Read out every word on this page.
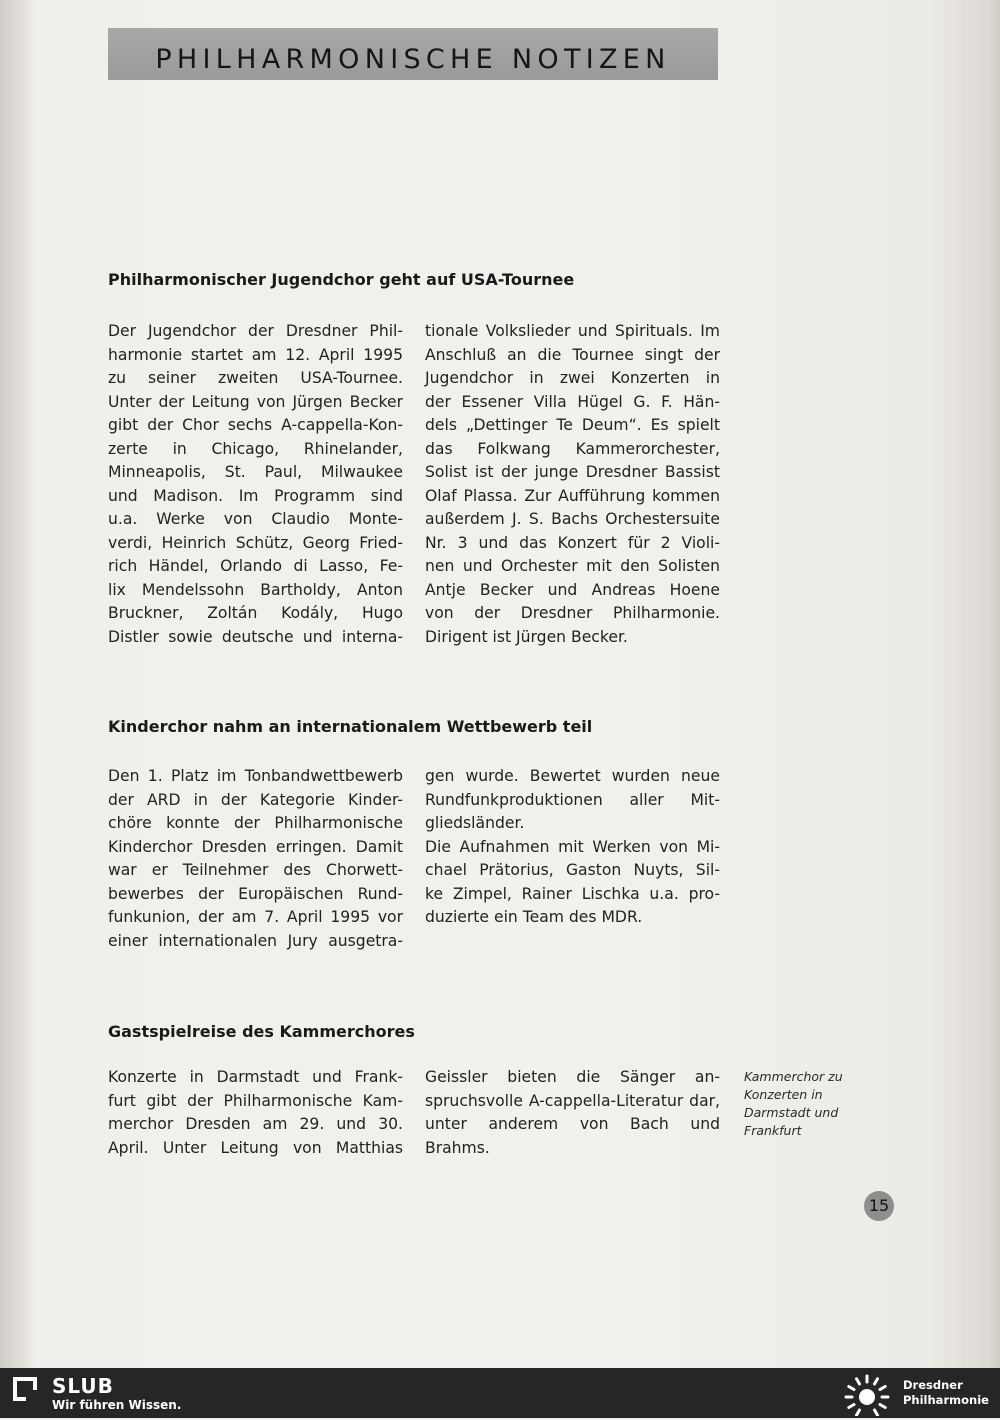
PHILHARMONISCHE NOTIZEN
Philharmonischer Jugendchor geht auf USA-Tournee
Der Jugendchor der Dresdner Phil-
harmonie startet am 12. April 1995
zu seiner zweiten USA-Tournee.
Unter der Leitung von Jürgen Becker
gibt der Chor sechs A-cappella-Kon-
zerte in Chicago, Rhinelander,
Minneapolis, St. Paul, Milwaukee
und Madison. Im Programm sind
u.a. Werke von Claudio Monte-
verdi, Heinrich Schütz, Georg Fried-
rich Händel, Orlando di Lasso, Fe-
lix Mendelssohn Bartholdy, Anton
Bruckner, Zoltán Kodály, Hugo
Distler sowie deutsche und interna-
tionale Volkslieder und Spirituals. Im
Anschluß an die Tournee singt der
Jugendchor in zwei Konzerten in
der Essener Villa Hügel G. F. Hän-
dels „Dettinger Te Deum“. Es spielt
das Folkwang Kammerorchester,
Solist ist der junge Dresdner Bassist
Olaf Plassa. Zur Aufführung kommen
außerdem J. S. Bachs Orchestersuite
Nr. 3 und das Konzert für 2 Violi-
nen und Orchester mit den Solisten
Antje Becker und Andreas Hoene
von der Dresdner Philharmonie.
Dirigent ist Jürgen Becker.
Kinderchor nahm an internationalem Wettbewerb teil
Den 1. Platz im Tonbandwettbewerb
der ARD in der Kategorie Kinder-
chöre konnte der Philharmonische
Kinderchor Dresden erringen. Damit
war er Teilnehmer des Chorwett-
bewerbes der Europäischen Rund-
funkunion, der am 7. April 1995 vor
einer internationalen Jury ausgetra-
gen wurde. Bewertet wurden neue
Rundfunkproduktionen aller Mit-
gliedsländer.
Die Aufnahmen mit Werken von Mi-
chael Prätorius, Gaston Nuyts, Sil-
ke Zimpel, Rainer Lischka u.a. pro-
duzierte ein Team des MDR.
Gastspielreise des Kammerchores
Konzerte in Darmstadt und Frank-
furt gibt der Philharmonische Kam-
merchor Dresden am 29. und 30.
April. Unter Leitung von Matthias
Geissler bieten die Sänger an-
spruchsvolle A-cappella-Literatur dar,
unter anderem von Bach und
Brahms.
Kammerchor zu Konzerten in Darmstadt und Frankfurt
15
SLUB
Wir führen Wissen.
Dresdner
Philharmonie
